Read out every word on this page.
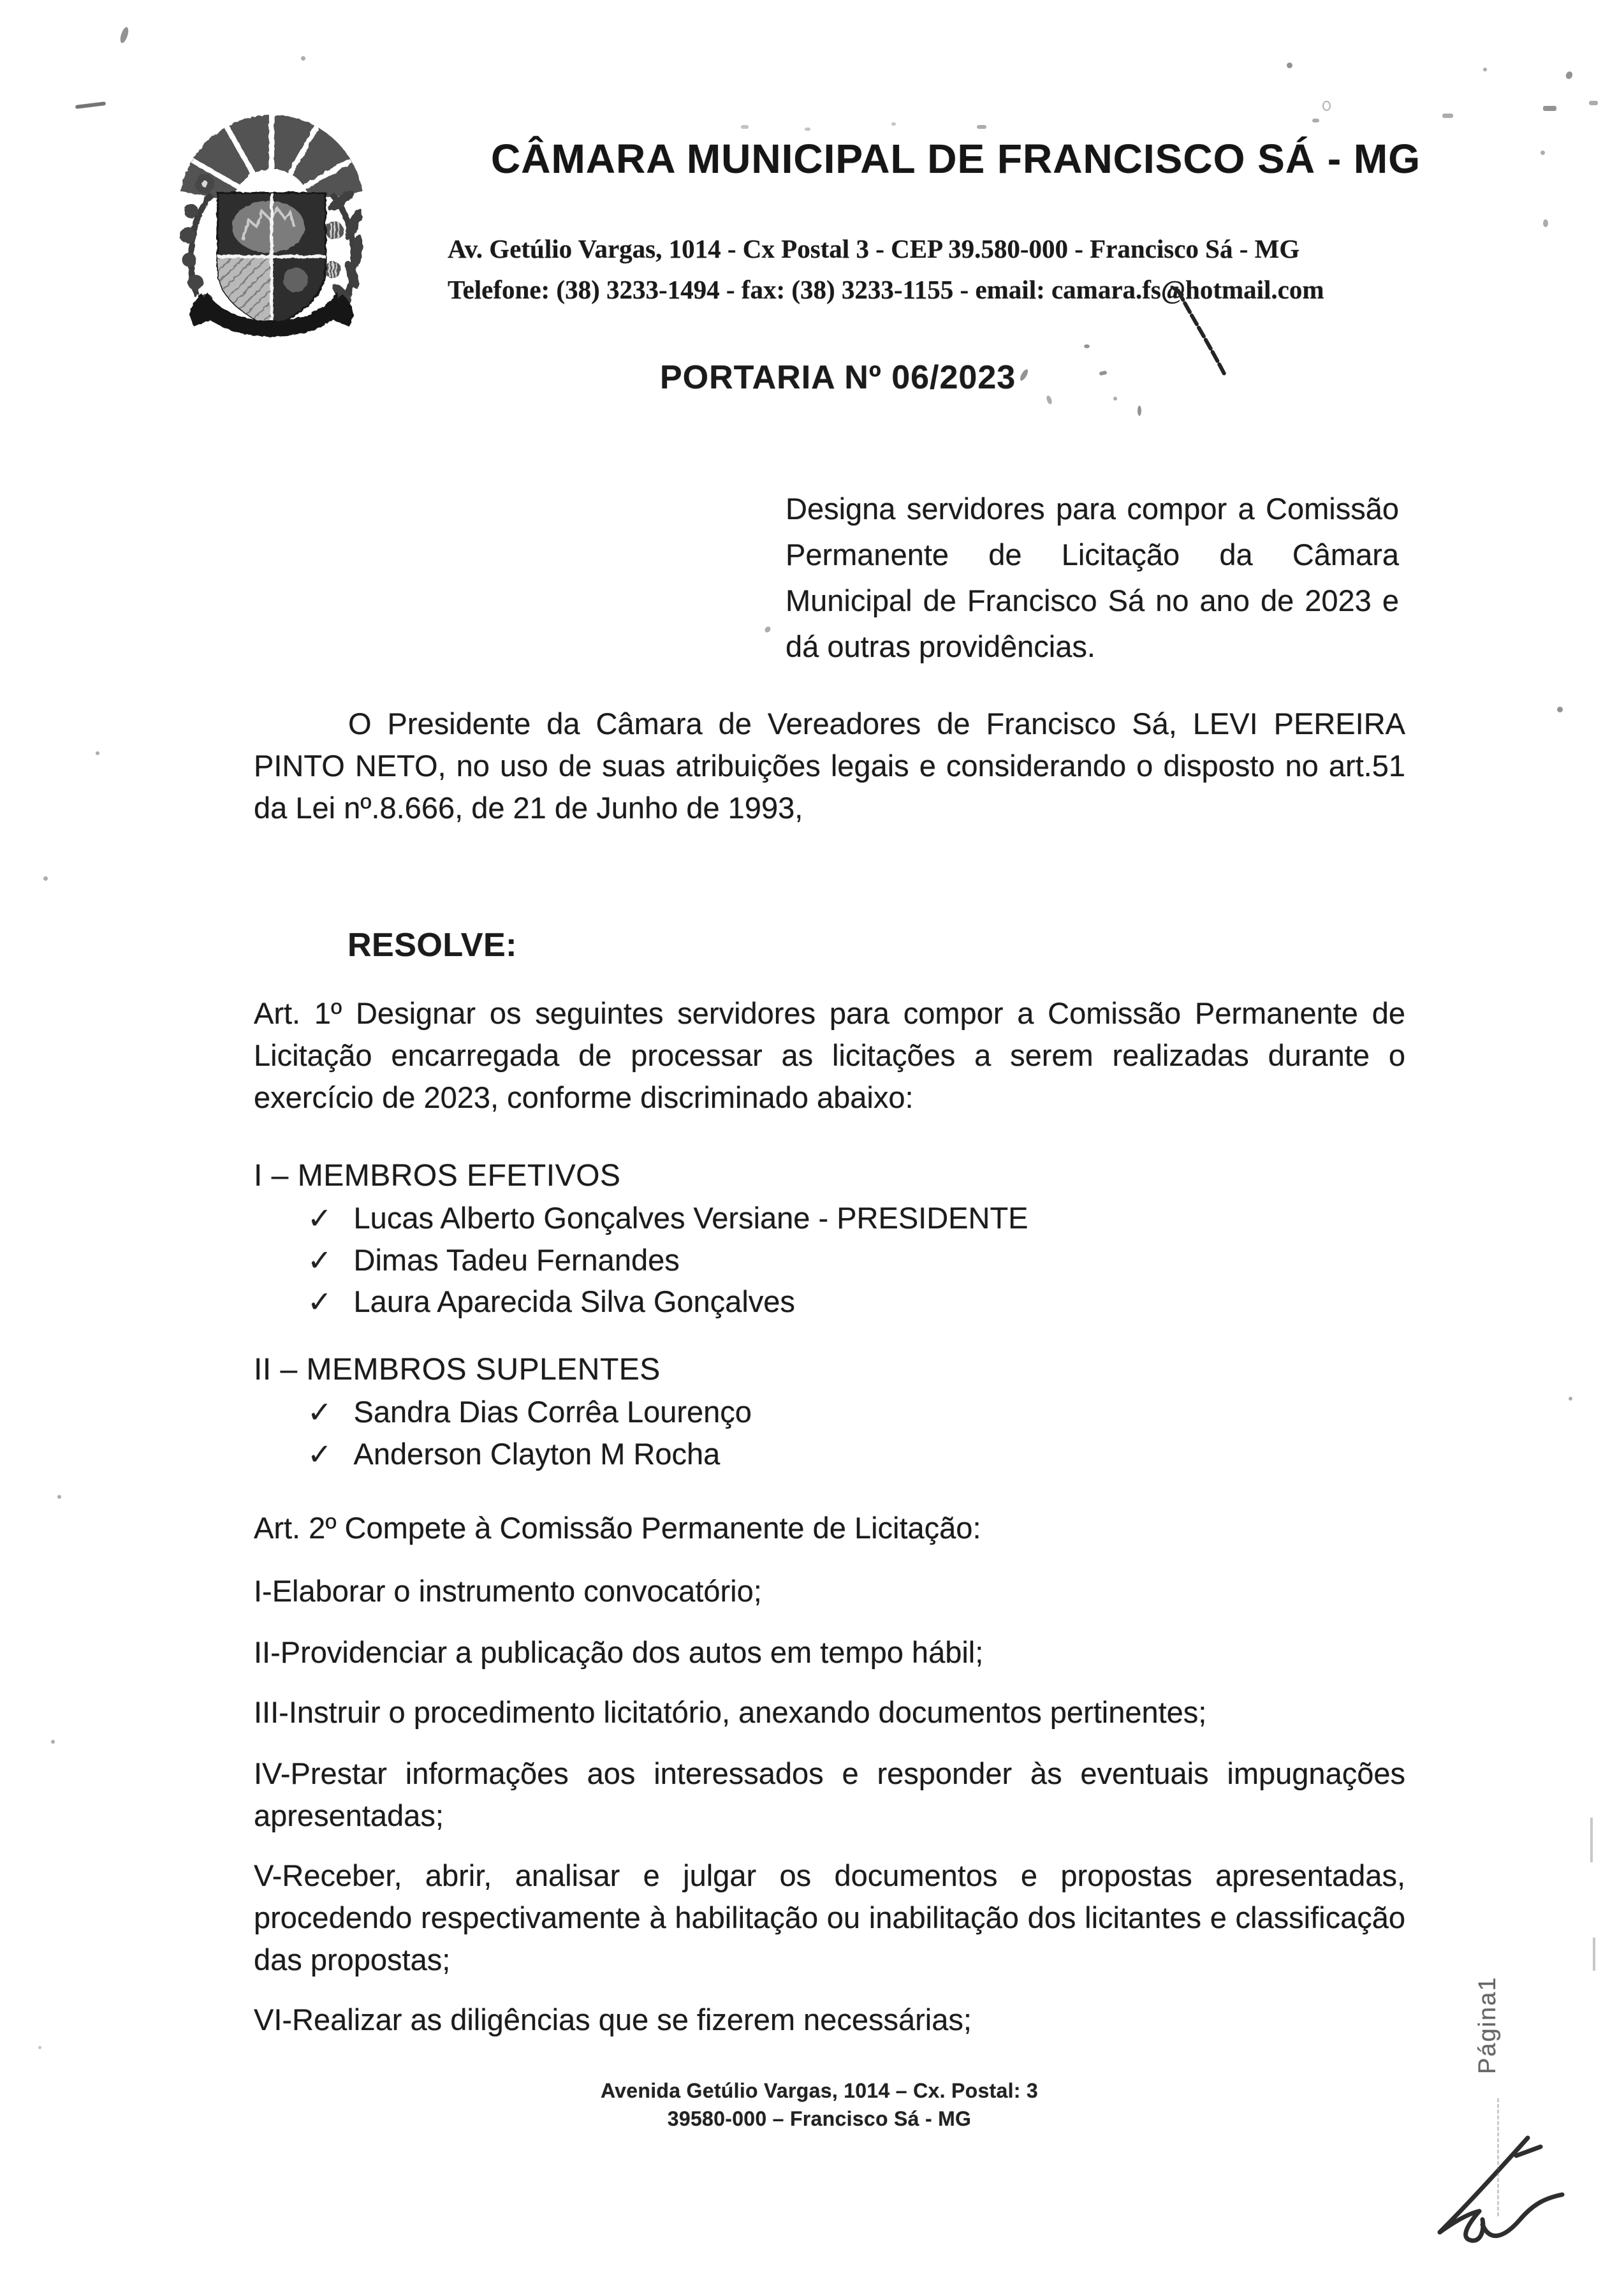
CÂMARA MUNICIPAL DE FRANCISCO SÁ - MG
Av. Getúlio Vargas, 1014 - Cx Postal 3 - CEP 39.580-000 - Francisco Sá - MG
Telefone: (38) 3233-1494 - fax: (38) 3233-1155 - email: camara.fs@hotmail.com
PORTARIA Nº 06/2023
Designa servidores para compor a Comissão Permanente de Licitação da Câmara Municipal de Francisco Sá no ano de 2023 e dá outras providências.
O Presidente da Câmara de Vereadores de Francisco Sá, LEVI PEREIRA PINTO NETO, no uso de suas atribuições legais e considerando o disposto no art.51 da Lei nº.8.666, de 21 de Junho de 1993,
RESOLVE:
Art. 1º Designar os seguintes servidores para compor a Comissão Permanente de Licitação encarregada de processar as licitações a serem realizadas durante o exercício de 2023, conforme discriminado abaixo:
I – MEMBROS EFETIVOS
✓ Lucas Alberto Gonçalves Versiane - PRESIDENTE
✓ Dimas Tadeu Fernandes
✓ Laura Aparecida Silva Gonçalves
II – MEMBROS SUPLENTES
✓ Sandra Dias Corrêa Lourenço
✓ Anderson Clayton M Rocha
Art. 2º Compete à Comissão Permanente de Licitação:
I-Elaborar o instrumento convocatório;
II-Providenciar a publicação dos autos em tempo hábil;
III-Instruir o procedimento licitatório, anexando documentos pertinentes;
IV-Prestar informações aos interessados e responder às eventuais impugnações apresentadas;
V-Receber, abrir, analisar e julgar os documentos e propostas apresentadas, procedendo respectivamente à habilitação ou inabilitação dos licitantes e classificação das propostas;
VI-Realizar as diligências que se fizerem necessárias;
Avenida Getúlio Vargas, 1014 – Cx. Postal: 3
39580-000 – Francisco Sá - MG
Página1
